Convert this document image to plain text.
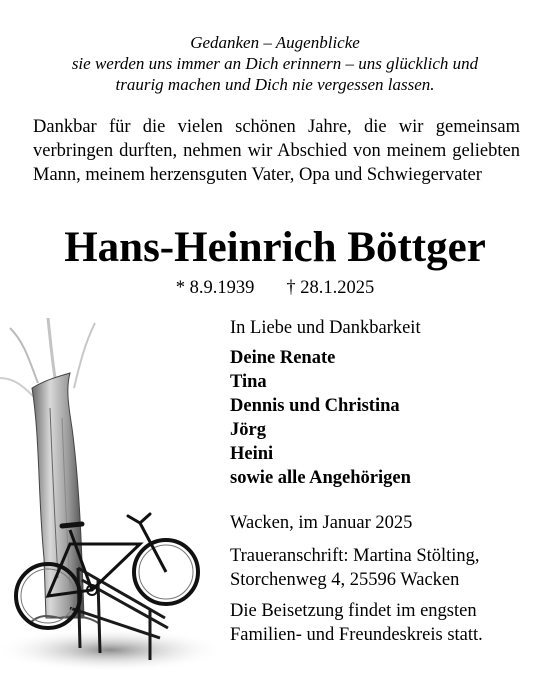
Gedanken – Augenblicke
sie werden uns immer an Dich erinnern – uns glücklich und
traurig machen und Dich nie vergessen lassen.
Dankbar für die vielen schönen Jahre, die wir gemeinsam verbringen durften, nehmen wir Abschied von meinem geliebten Mann, meinem herzensguten Vater, Opa und Schwiegervater
Hans-Heinrich Böttger
* 8.9.1939 † 28.1.2025
In Liebe und Dankbarkeit
Deine Renate
Tina
Dennis und Christina
Jörg
Heini
sowie alle Angehörigen
Wacken, im Januar 2025
Traueranschrift: Martina Stölting,
Storchenweg 4, 25596 Wacken
Die Beisetzung findet im engsten
Familien- und Freundeskreis statt.
